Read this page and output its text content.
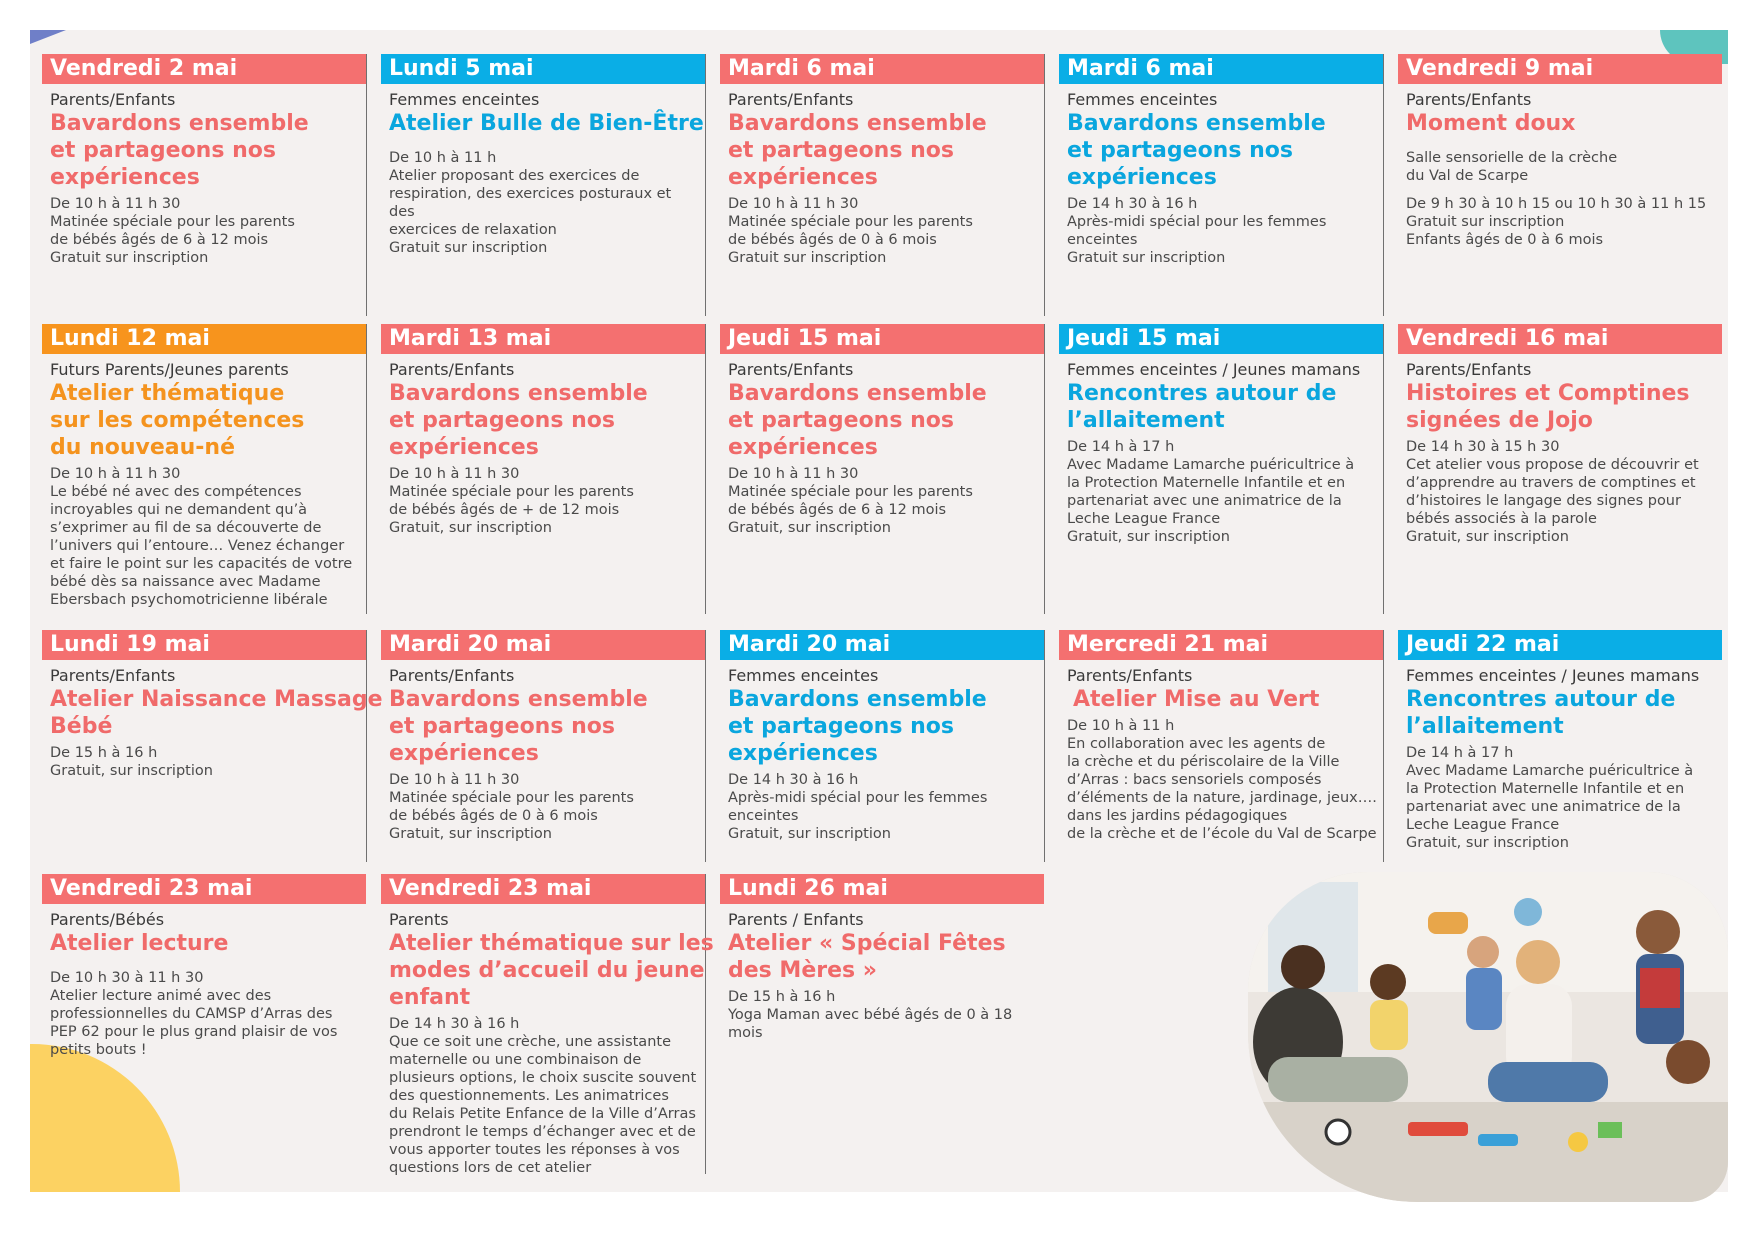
Vendredi 2 mai
Parents/Enfants
Bavardons ensemble
et partageons nos
expériences
De 10 h à 11 h 30
Matinée spéciale pour les parents
de bébés âgés de 6 à 12 mois
Gratuit sur inscription
Lundi 5 mai
Femmes enceintes
Atelier Bulle de Bien-Être
De 10 h à 11 h
Atelier proposant des exercices de
respiration, des exercices posturaux et des
exercices de relaxation
Gratuit sur inscription
Mardi 6 mai
Parents/Enfants
Bavardons ensemble
et partageons nos
expériences
De 10 h à 11 h 30
Matinée spéciale pour les parents
de bébés âgés de 0 à 6 mois
Gratuit sur inscription
Mardi 6 mai
Femmes enceintes
Bavardons ensemble
et partageons nos
expériences
De 14 h 30 à 16 h
Après-midi spécial pour les femmes
enceintes
Gratuit sur inscription
Vendredi 9 mai
Parents/Enfants
Moment doux
Salle sensorielle de la crèche
du Val de Scarpe
De 9 h 30 à 10 h 15 ou 10 h 30 à 11 h 15
Gratuit sur inscription
Enfants âgés de 0 à 6 mois
Lundi 12 mai
Futurs Parents/Jeunes parents
Atelier thématique
sur les compétences
du nouveau-né
De 10 h à 11 h 30
Le bébé né avec des compétences
incroyables qui ne demandent qu’à
s’exprimer au fil de sa découverte de
l’univers qui l’entoure… Venez échanger
et faire le point sur les capacités de votre
bébé dès sa naissance avec Madame
Ebersbach psychomotricienne libérale
Mardi 13 mai
Parents/Enfants
Bavardons ensemble
et partageons nos
expériences
De 10 h à 11 h 30
Matinée spéciale pour les parents
de bébés âgés de + de 12 mois
Gratuit, sur inscription
Jeudi 15 mai
Parents/Enfants
Bavardons ensemble
et partageons nos
expériences
De 10 h à 11 h 30
Matinée spéciale pour les parents
de bébés âgés de 6 à 12 mois
Gratuit, sur inscription
Jeudi 15 mai
Femmes enceintes / Jeunes mamans
Rencontres autour de
l’allaitement
De 14 h à 17 h
Avec Madame Lamarche puéricultrice à
la Protection Maternelle Infantile et en
partenariat avec une animatrice de la
Leche League France
Gratuit, sur inscription
Vendredi 16 mai
Parents/Enfants
Histoires et Comptines
signées de Jojo
De 14 h 30 à 15 h 30
Cet atelier vous propose de découvrir et
d’apprendre au travers de comptines et
d’histoires le langage des signes pour
bébés associés à la parole
Gratuit, sur inscription
Lundi 19 mai
Parents/Enfants
Atelier Naissance Massage
Bébé
De 15 h à 16 h
Gratuit, sur inscription
Mardi 20 mai
Parents/Enfants
Bavardons ensemble
et partageons nos
expériences
De 10 h à 11 h 30
Matinée spéciale pour les parents
de bébés âgés de 0 à 6 mois
Gratuit, sur inscription
Mardi 20 mai
Femmes enceintes
Bavardons ensemble
et partageons nos
expériences
De 14 h 30 à 16 h
Après-midi spécial pour les femmes
enceintes
Gratuit, sur inscription
Mercredi 21 mai
Parents/Enfants
Atelier Mise au Vert
De 10 h à 11 h
En collaboration avec les agents de
la crèche et du périscolaire de la Ville
d’Arras : bacs sensoriels composés
d’éléments de la nature, jardinage, jeux….
dans les jardins pédagogiques
de la crèche et de l’école du Val de Scarpe
Jeudi 22 mai
Femmes enceintes / Jeunes mamans
Rencontres autour de
l’allaitement
De 14 h à 17 h
Avec Madame Lamarche puéricultrice à
la Protection Maternelle Infantile et en
partenariat avec une animatrice de la
Leche League France
Gratuit, sur inscription
Vendredi 23 mai
Parents/Bébés
Atelier lecture
De 10 h 30 à 11 h 30
Atelier lecture animé avec des
professionnelles du CAMSP d’Arras des
PEP 62 pour le plus grand plaisir de vos
petits bouts !
Vendredi 23 mai
Parents
Atelier thématique sur les
modes d’accueil du jeune
enfant
De 14 h 30 à 16 h
Que ce soit une crèche, une assistante
maternelle ou une combinaison de
plusieurs options, le choix suscite souvent
des questionnements. Les animatrices
du Relais Petite Enfance de la Ville d’Arras
prendront le temps d’échanger avec et de
vous apporter toutes les réponses à vos
questions lors de cet atelier
Lundi 26 mai
Parents / Enfants
Atelier « Spécial Fêtes
des Mères »
De 15 h à 16 h
Yoga Maman avec bébé âgés de 0 à 18
mois
